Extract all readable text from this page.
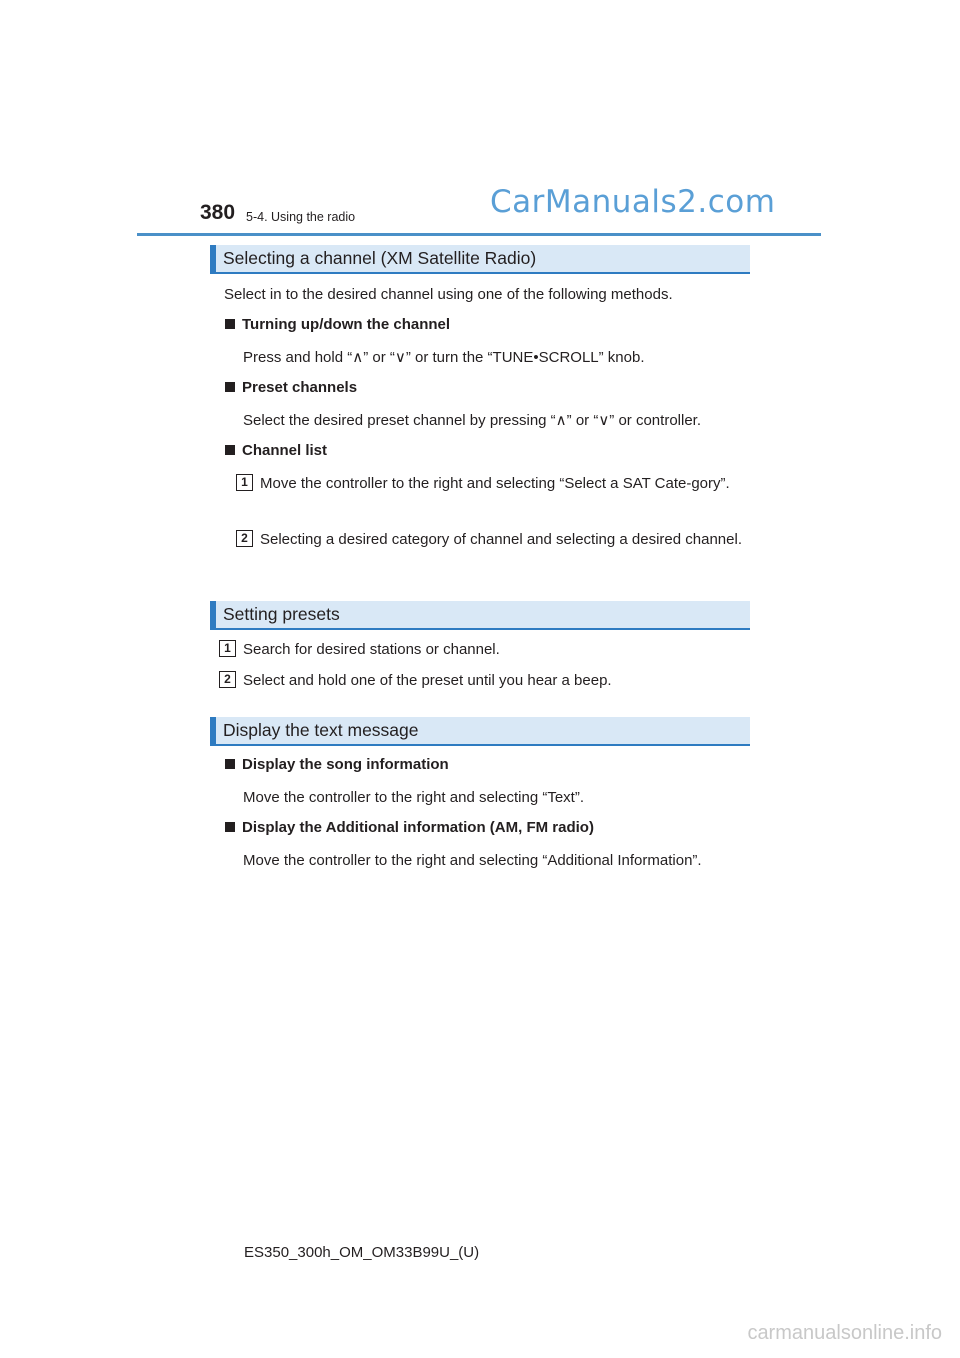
380 5-4. Using the radio	CarManuals2.com
Selecting a channel (XM Satellite Radio)
Select in to the desired channel using one of the following methods.
Turning up/down the channel
Press and hold “∧” or “∨” or turn the “TUNE•SCROLL” knob.
Preset channels
Select the desired preset channel by pressing “∧” or “∨” or controller.
Channel list
1 Move the controller to the right and selecting “Select a SAT Cate-gory”.
2 Selecting a desired category of channel and selecting a desired channel.
Setting presets
1 Search for desired stations or channel.
2 Select and hold one of the preset until you hear a beep.
Display the text message
Display the song information
Move the controller to the right and selecting “Text”.
Display the Additional information (AM, FM radio)
Move the controller to the right and selecting “Additional Information”.
ES350_300h_OM_OM33B99U_(U)
carmanualsonline.info
